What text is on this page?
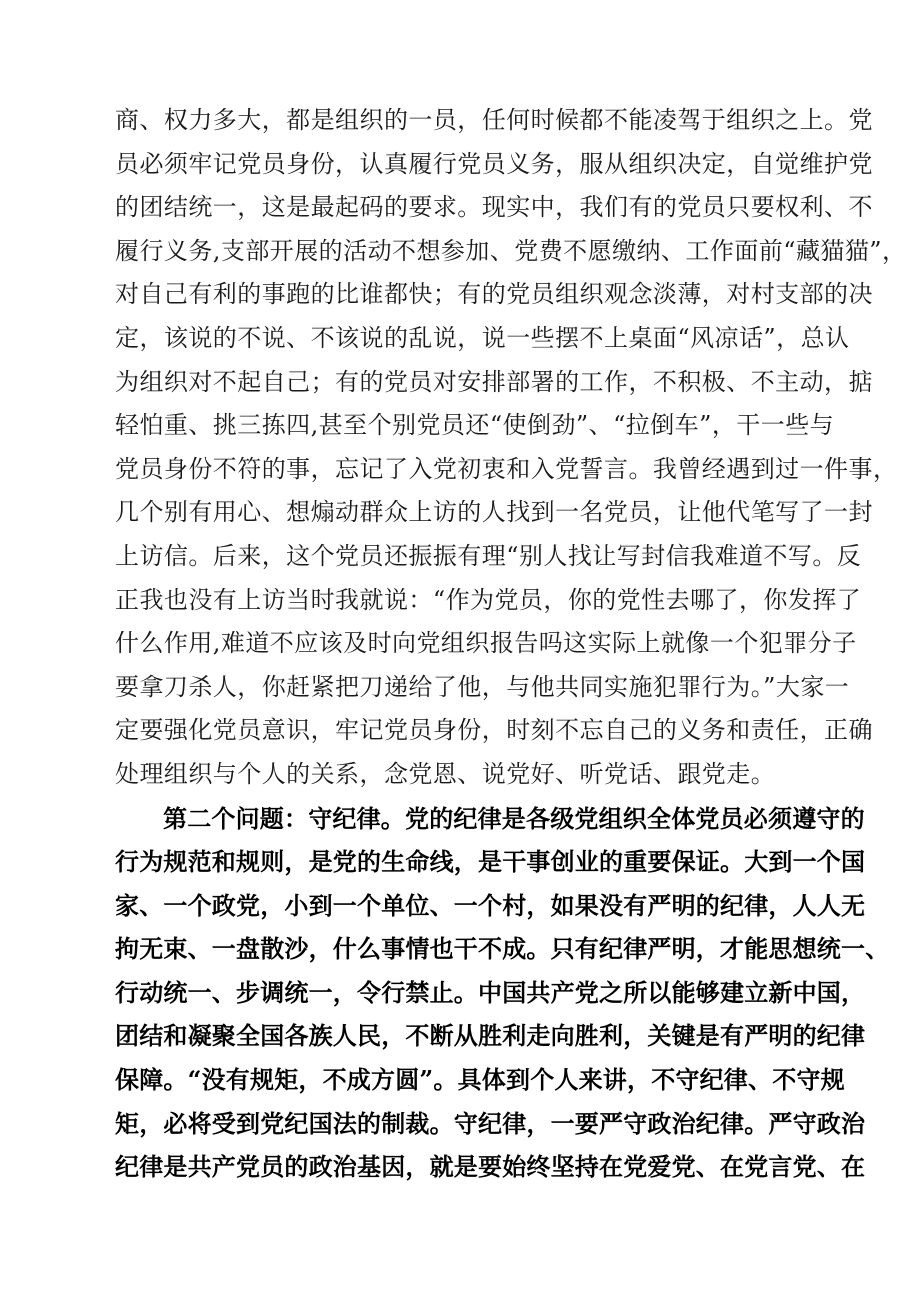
商、权力多大，都是组织的一员，任何时候都不能凌驾于组织之上。党
员必须牢记党员身份，认真履行党员义务，服从组织决定，自觉维护党
的团结统一，这是最起码的要求。现实中，我们有的党员只要权利、不
履行义务,支部开展的活动不想参加、党费不愿缴纳、工作面前“藏猫猫”，
对自己有利的事跑的比谁都快；有的党员组织观念淡薄，对村支部的决
定，该说的不说、不该说的乱说，说一些摆不上桌面“风凉话”，总认
为组织对不起自己；有的党员对安排部署的工作，不积极、不主动，掂
轻怕重、挑三拣四,甚至个别党员还“使倒劲”、“拉倒车”，干一些与
党员身份不符的事，忘记了入党初衷和入党誓言。我曾经遇到过一件事，
几个别有用心、想煽动群众上访的人找到一名党员，让他代笔写了一封
上访信。后来，这个党员还振振有理“别人找让写封信我难道不写。反
正我也没有上访当时我就说：“作为党员，你的党性去哪了，你发挥了
什么作用,难道不应该及时向党组织报告吗这实际上就像一个犯罪分子
要拿刀杀人，你赶紧把刀递给了他，与他共同实施犯罪行为。”大家一
定要强化党员意识，牢记党员身份，时刻不忘自己的义务和责任，正确
处理组织与个人的关系，念党恩、说党好、听党话、跟党走。
第二个问题：守纪律。党的纪律是各级党组织全体党员必须遵守的
行为规范和规则，是党的生命线，是干事创业的重要保证。大到一个国
家、一个政党，小到一个单位、一个村，如果没有严明的纪律，人人无
拘无束、一盘散沙，什么事情也干不成。只有纪律严明，才能思想统一、
行动统一、步调统一，令行禁止。中国共产党之所以能够建立新中国，
团结和凝聚全国各族人民，不断从胜利走向胜利，关键是有严明的纪律
保障。“没有规矩，不成方圆”。具体到个人来讲，不守纪律、不守规
矩，必将受到党纪国法的制裁。守纪律，一要严守政治纪律。严守政治
纪律是共产党员的政治基因，就是要始终坚持在党爱党、在党言党、在
